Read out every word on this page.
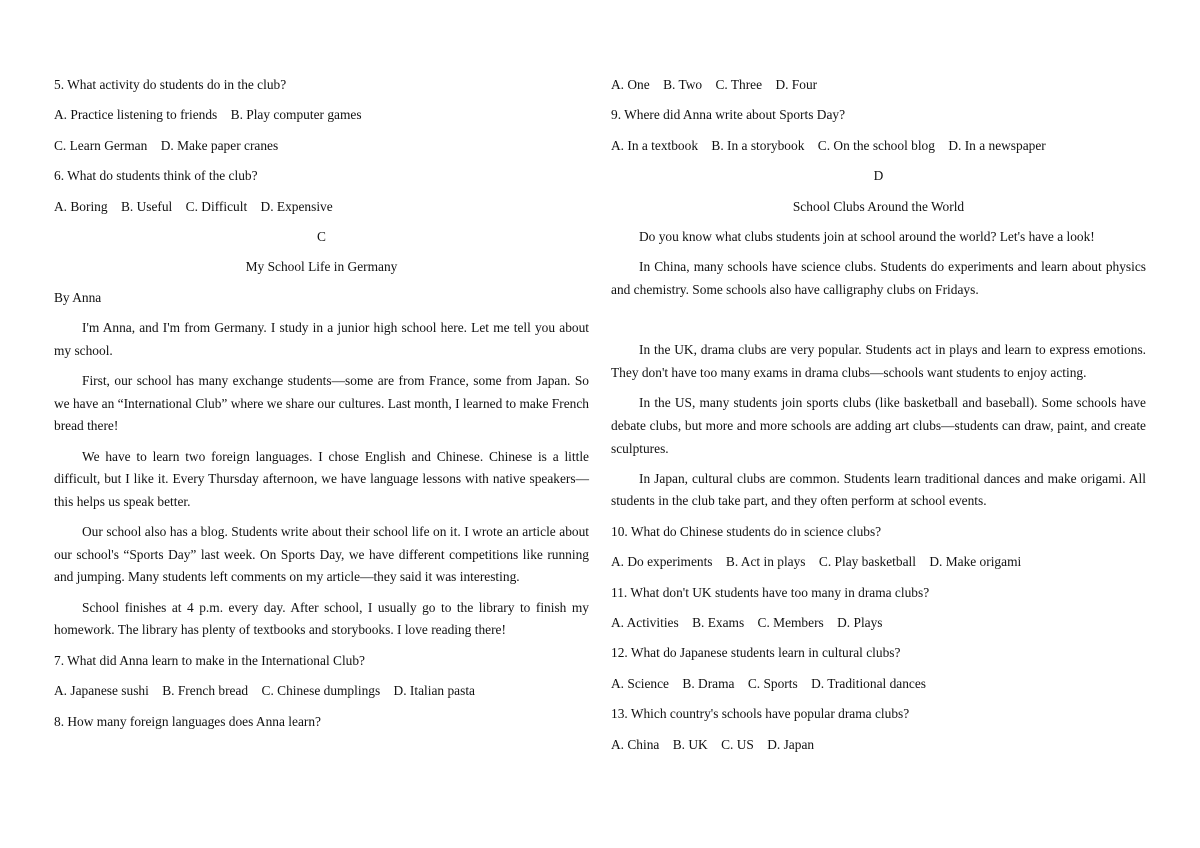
5. What activity do students do in the club?
A. Practice listening to friends    B. Play computer games
C. Learn German    D. Make paper cranes
6. What do students think of the club?
A. Boring    B. Useful    C. Difficult    D. Expensive
C
My School Life in Germany
By Anna

I'm Anna, and I'm from Germany. I study in a junior high school here. Let me tell you about my school.

First, our school has many exchange students—some are from France, some from Japan. So we have an “International Club” where we share our cultures. Last month, I learned to make French bread there!

We have to learn two foreign languages. I chose English and Chinese. Chinese is a little difficult, but I like it. Every Thursday afternoon, we have language lessons with native speakers—this helps us speak better.

Our school also has a blog. Students write about their school life on it. I wrote an article about our school's “Sports Day” last week. On Sports Day, we have different competitions like running and jumping. Many students left comments on my article—they said it was interesting.

School finishes at 4 p.m. every day. After school, I usually go to the library to finish my homework. The library has plenty of textbooks and storybooks. I love reading there!

7. What did Anna learn to make in the International Club?
A. Japanese sushi    B. French bread    C. Chinese dumplings    D. Italian pasta
8. How many foreign languages does Anna learn?
A. One    B. Two    C. Three    D. Four
9. Where did Anna write about Sports Day?
A. In a textbook    B. In a storybook    C. On the school blog    D. In a newspaper
D
School Clubs Around the World

Do you know what clubs students join at school around the world? Let's have a look!

In China, many schools have science clubs. Students do experiments and learn about physics and chemistry. Some schools also have calligraphy clubs on Fridays.

In the UK, drama clubs are very popular. Students act in plays and learn to express emotions. They don't have too many exams in drama clubs—schools want students to enjoy acting.

In the US, many students join sports clubs (like basketball and baseball). Some schools have debate clubs, but more and more schools are adding art clubs—students can draw, paint, and create sculptures.

In Japan, cultural clubs are common. Students learn traditional dances and make origami. All students in the club take part, and they often perform at school events.

10. What do Chinese students do in science clubs?
A. Do experiments    B. Act in plays    C. Play basketball    D. Make origami
11. What don't UK students have too many in drama clubs?
A. Activities    B. Exams    C. Members    D. Plays
12. What do Japanese students learn in cultural clubs?
A. Science    B. Drama    C. Sports    D. Traditional dances
13. Which country's schools have popular drama clubs?
A. China    B. UK    C. US    D. Japan
